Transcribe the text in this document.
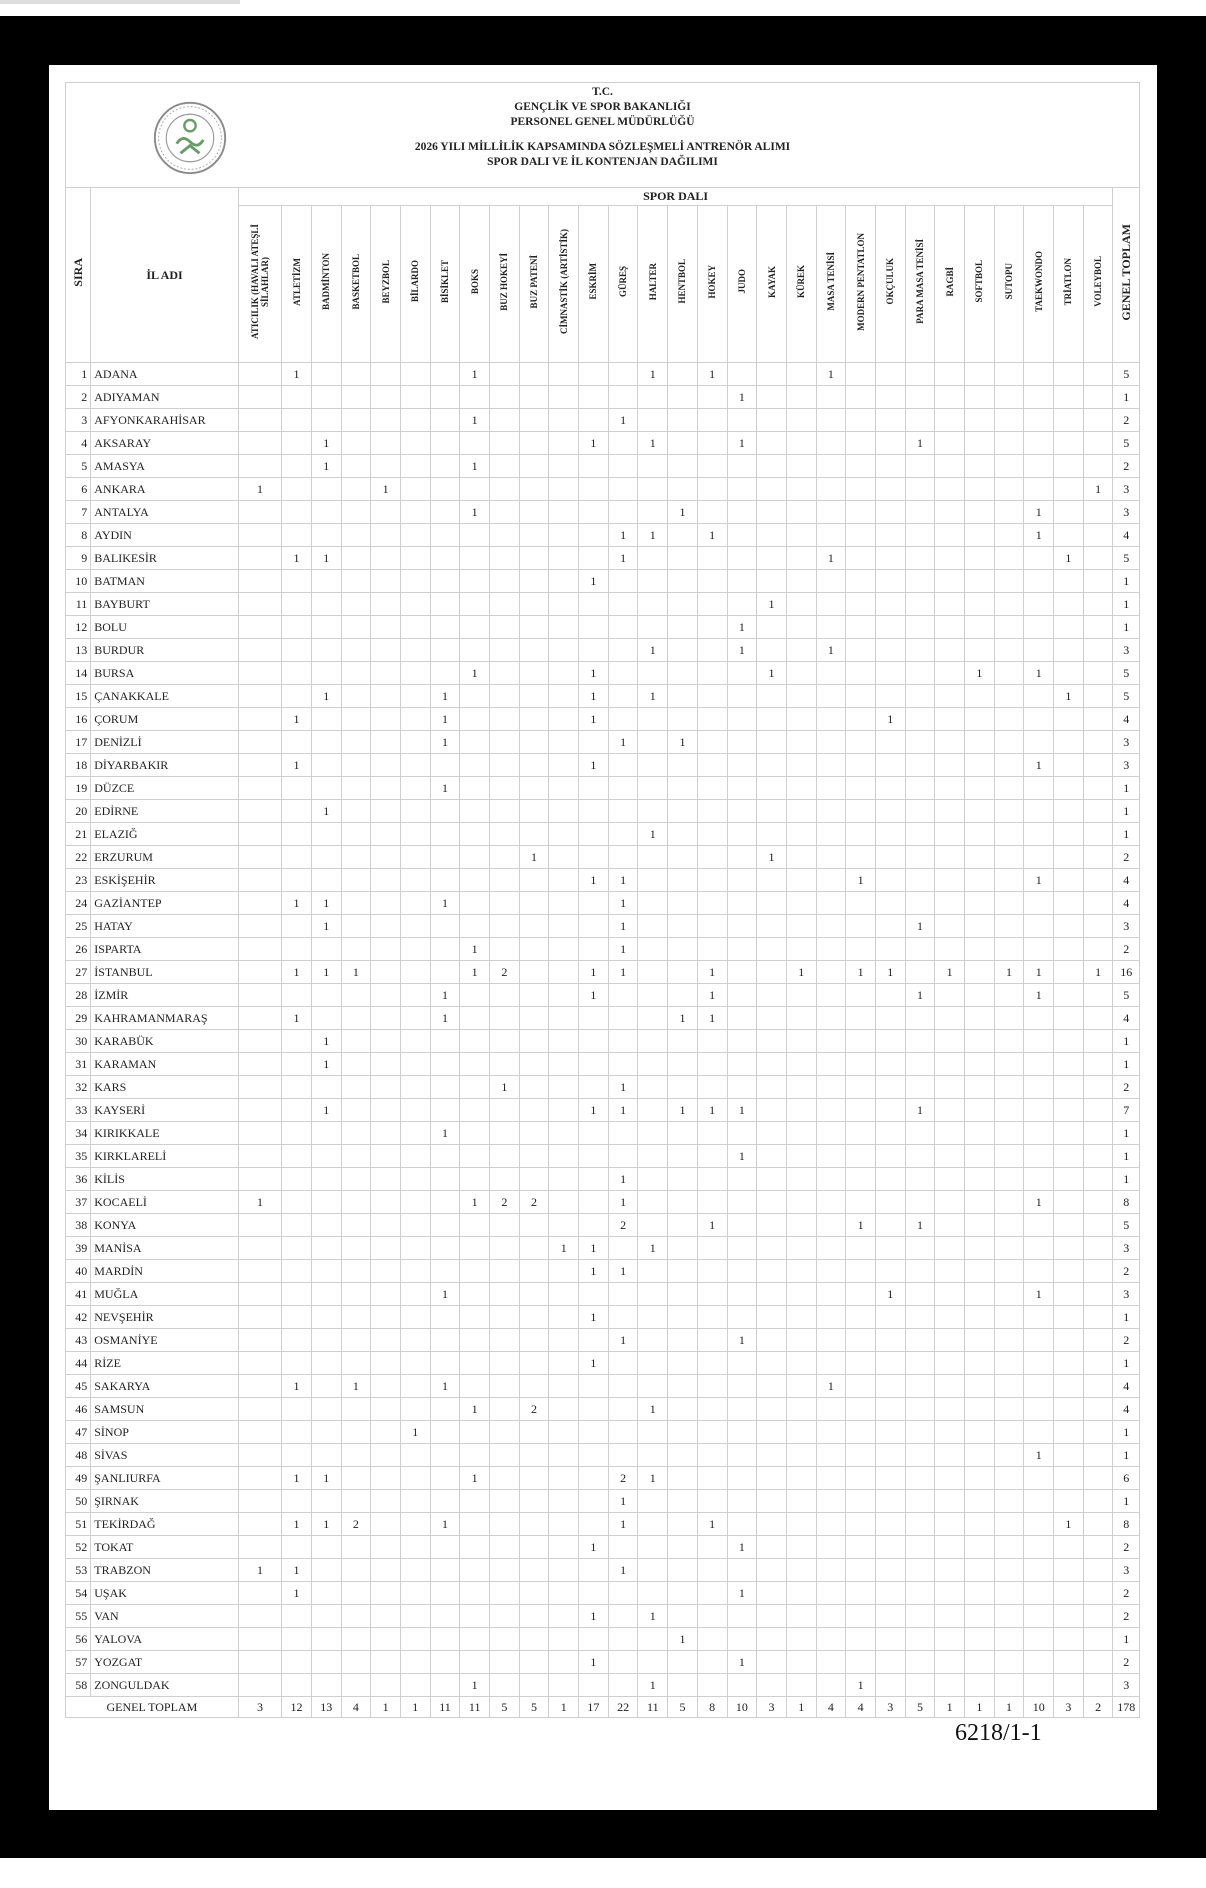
T.C.
GENÇLİK VE SPOR BAKANLIĞI
PERSONEL GENEL MÜDÜRLÜĞÜ
2026 YILI MİLLİLİK KAPSAMINDA SÖZLEŞMELİ ANTRENÖR ALIMI
SPOR DALI VE İL KONTENJAN DAĞILIMI																															

SIRA	İL ADI	SPOR DALI																													GENEL TOPLAM
		ATICILIK (HAVALI ATEŞLİ SİLAHLAR)	ATLETİZM	BADMİNTON	BASKETBOL	BEYZBOL	BİLARDO	BİSİKLET	BOKS	BUZ HOKEYİ	BUZ PATENİ	CİMNASTİK (ARTİSTİK)	ESKRİM	GÜREŞ	HALTER	HENTBOL	HOKEY	JUDO	KAYAK	KÜREK	MASA TENİSİ	MODERN PENTATLON	OKÇULUK	PARA MASA TENİSİ	RAGBİ	SOFTBOL	SUTOPU	TAEKWONDO	TRİATLON	VOLEYBOL	
1	ADANA		1						1						1		1				1										5
2	ADIYAMAN																	1													1
3	AFYONKARAHİSAR								1					1																	2
4	AKSARAY			1									1		1			1						1							5
5	AMASYA			1					1																						2
6	ANKARA	1				1																								1	3
7	ANTALYA								1							1												1			3
8	AYDIN													1	1		1											1			4
9	BALIKESİR		1	1										1							1								1		5
10	BATMAN												1																		1
11	BAYBURT																		1												1
12	BOLU																	1													1
13	BURDUR														1			1			1										3
14	BURSA								1				1						1							1		1			5
15	ÇANAKKALE			1				1					1		1														1		5
16	ÇORUM		1					1					1										1								4
17	DENİZLİ							1						1		1															3
18	DİYARBAKIR		1										1															1			3
19	DÜZCE							1																							1
20	EDİRNE			1																											1
21	ELAZIĞ														1																1
22	ERZURUM										1								1												2
23	ESKİŞEHİR												1	1								1						1			4
24	GAZİANTEP		1	1				1						1																	4
25	HATAY			1										1										1							3
26	ISPARTA								1					1																	2
27	İSTANBUL		1	1	1				1	2			1	1			1			1		1	1		1		1	1		1	16
28	İZMİR							1					1				1							1				1			5
29	KAHRAMANMARAŞ		1					1								1	1														4
30	KARABÜK			1																											1
31	KARAMAN			1																											1
32	KARS									1				1																	2
33	KAYSERİ			1									1	1		1	1	1						1							7
34	KIRIKKALE							1																							1
35	KIRKLARELİ																	1													1
36	KİLİS													1																	1
37	KOCAELİ	1							1	2	2			1														1			8
38	KONYA													2			1					1		1							5
39	MANİSA											1	1		1																3
40	MARDİN												1	1																	2
41	MUĞLA							1															1					1			3
42	NEVŞEHİR												1																		1
43	OSMANİYE													1				1													2
44	RİZE												1																		1
45	SAKARYA		1		1			1													1										4
46	SAMSUN								1		2				1																4
47	SİNOP						1																								1
48	SİVAS																											1			1
49	ŞANLIURFA		1	1					1					2	1																6
50	ŞIRNAK													1																	1
51	TEKİRDAĞ		1	1	2			1						1			1												1		8
52	TOKAT												1					1													2
53	TRABZON	1	1											1																	3
54	UŞAK		1															1													2
55	VAN												1		1																2
56	YALOVA															1															1
57	YOZGAT												1					1													2
58	ZONGULDAK								1						1							1									3
GENEL TOPLAM		3	12	13	4	1	1	11	11	5	5	1	17	22	11	5	8	10	3	1	4	4	3	5	1	1	1	10	3	2	178
6218/1-1
